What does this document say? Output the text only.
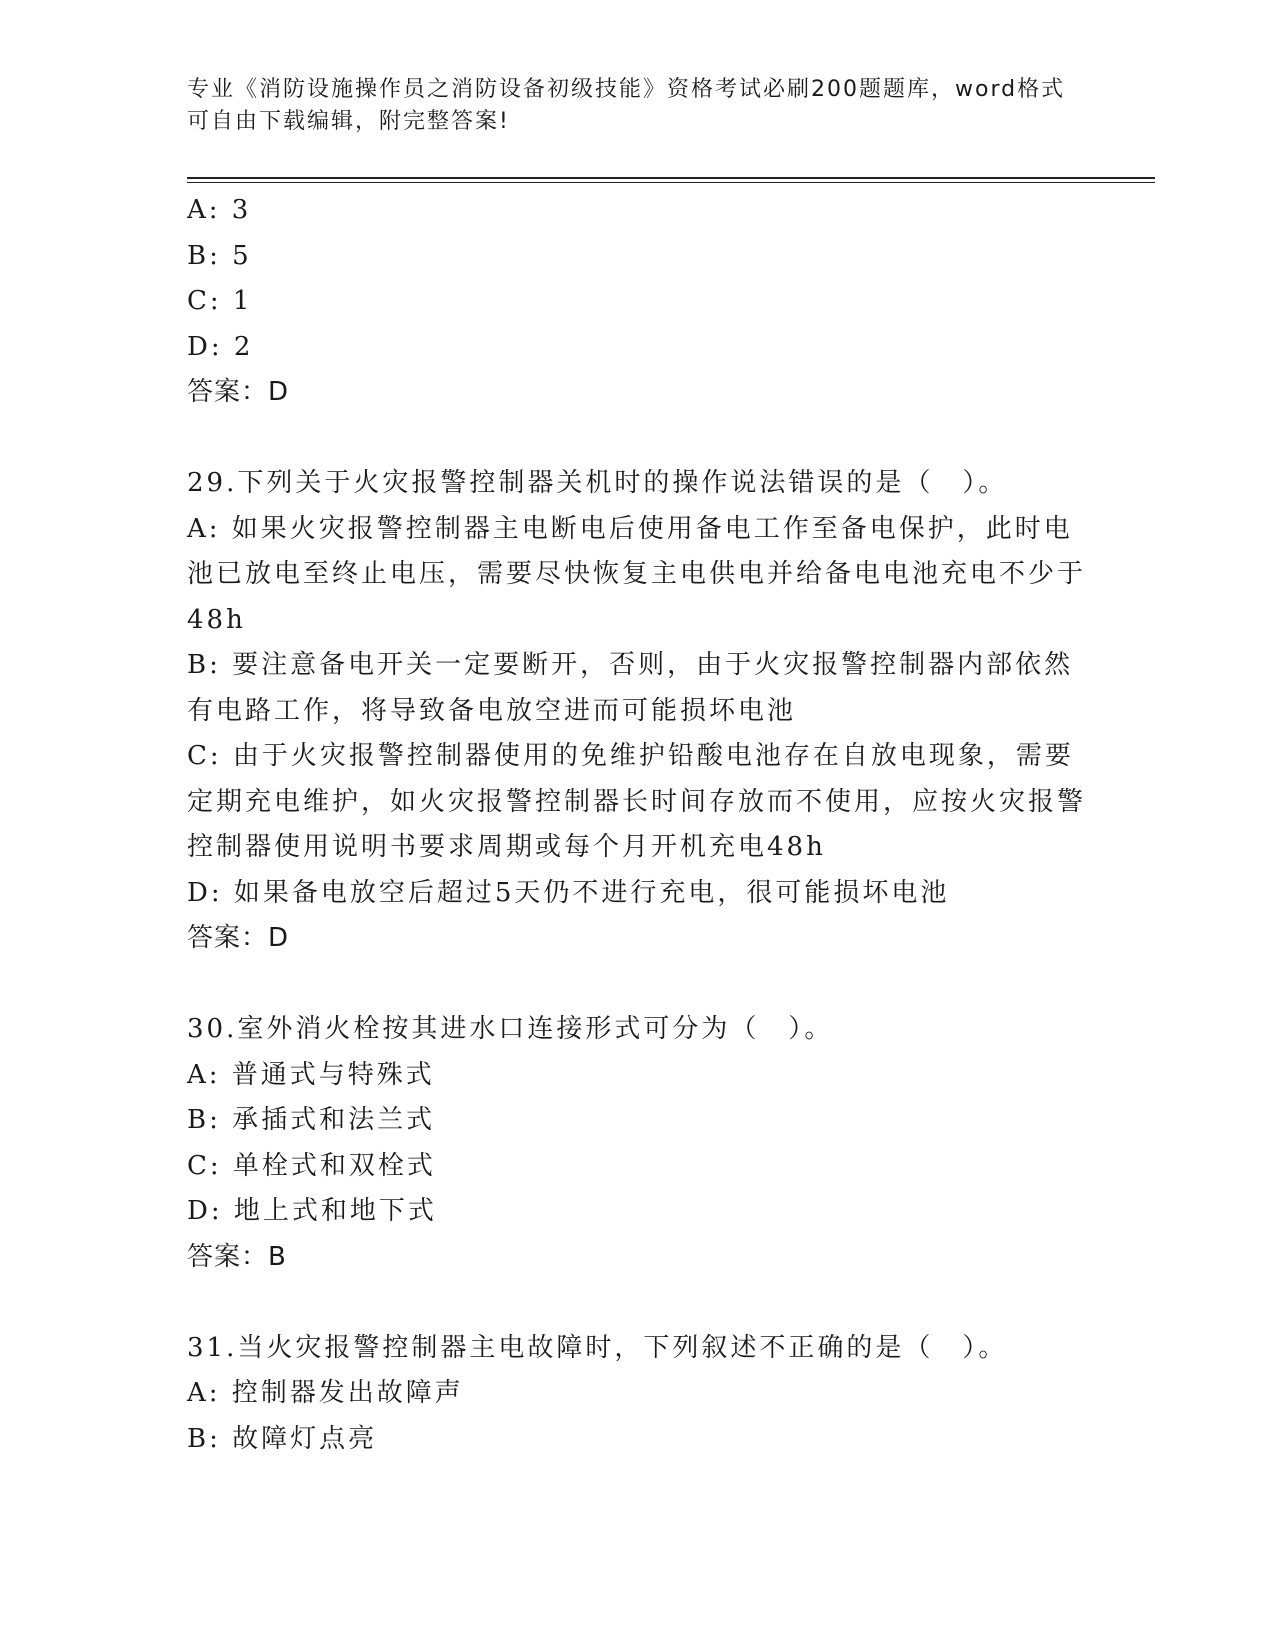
专业《消防设施操作员之消防设备初级技能》资格考试必刷200题题库，word格式可自由下载编辑，附完整答案!
A: 3
B: 5
C: 1
D: 2
答案：D
29.下列关于火灾报警控制器关机时的操作说法错误的是（　）。
A: 如果火灾报警控制器主电断电后使用备电工作至备电保护，此时电池已放电至终止电压，需要尽快恢复主电供电并给备电电池充电不少于48h
B: 要注意备电开关一定要断开，否则，由于火灾报警控制器内部依然有电路工作，将导致备电放空进而可能损坏电池
C: 由于火灾报警控制器使用的免维护铅酸电池存在自放电现象，需要定期充电维护，如火灾报警控制器长时间存放而不使用，应按火灾报警控制器使用说明书要求周期或每个月开机充电48h
D: 如果备电放空后超过5天仍不进行充电，很可能损坏电池
答案：D
30.室外消火栓按其进水口连接形式可分为（　）。
A: 普通式与特殊式
B: 承插式和法兰式
C: 单栓式和双栓式
D: 地上式和地下式
答案：B
31.当火灾报警控制器主电故障时，下列叙述不正确的是（　）。
A: 控制器发出故障声
B: 故障灯点亮
